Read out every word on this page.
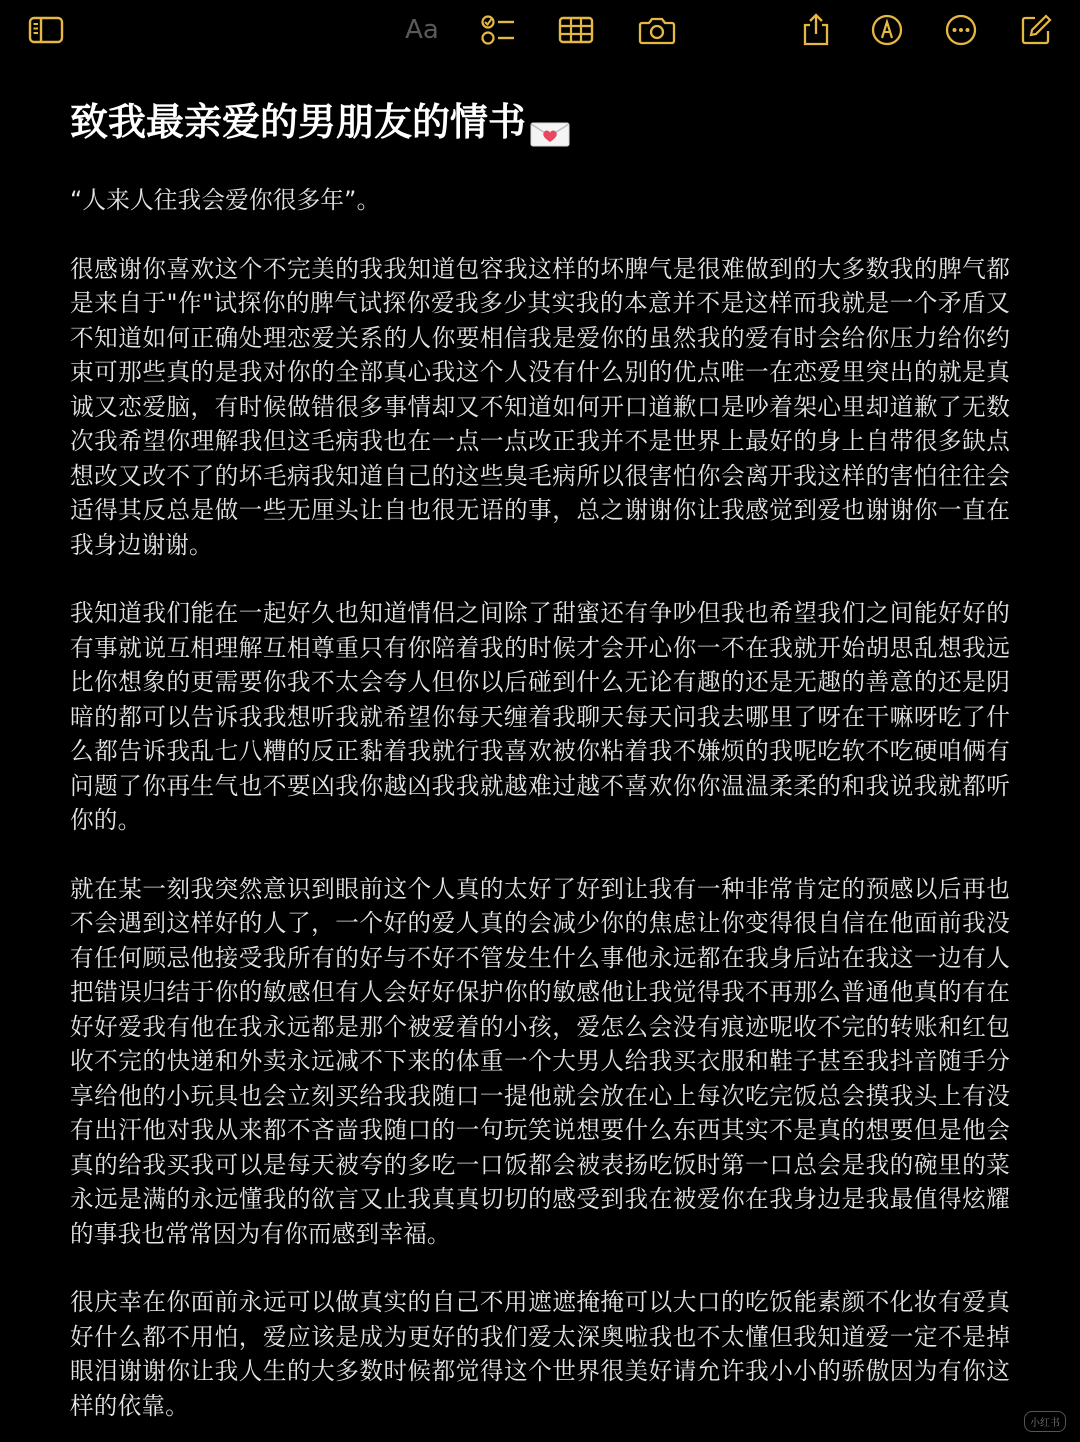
Aa
致我最亲爱的男朋友的情书

“人来人往我会爱你很多年”。

很感谢你喜欢这个不完美的我我知道包容我这样的坏脾气是很难做到的大多数我的脾气都是来自于"作"试探你的脾气试探你爱我多少其实我的本意并不是这样而我就是一个矛盾又不知道如何正确处理恋爱关系的人你要相信我是爱你的虽然我的爱有时会给你压力给你约束可那些真的是我对你的全部真心我这个人没有什么别的优点唯一在恋爱里突出的就是真诚又恋爱脑，有时候做错很多事情却又不知道如何开口道歉口是吵着架心里却道歉了无数次我希望你理解我但这毛病我也在一点一点改正我并不是世界上最好的身上自带很多缺点想改又改不了的坏毛病我知道自己的这些臭毛病所以很害怕你会离开我这样的害怕往往会适得其反总是做一些无厘头让自也很无语的事，总之谢谢你让我感觉到爱也谢谢你一直在我身边谢谢。

我知道我们能在一起好久也知道情侣之间除了甜蜜还有争吵但我也希望我们之间能好好的有事就说互相理解互相尊重只有你陪着我的时候才会开心你一不在我就开始胡思乱想我远比你想象的更需要你我不太会夸人但你以后碰到什么无论有趣的还是无趣的善意的还是阴暗的都可以告诉我我想听我就希望你每天缠着我聊天每天问我去哪里了呀在干嘛呀吃了什么都告诉我乱七八糟的反正黏着我就行我喜欢被你粘着我不嫌烦的我呢吃软不吃硬咱俩有问题了你再生气也不要凶我你越凶我我就越难过越不喜欢你你温温柔柔的和我说我就都听你的。

就在某一刻我突然意识到眼前这个人真的太好了好到让我有一种非常肯定的预感以后再也不会遇到这样好的人了，一个好的爱人真的会减少你的焦虑让你变得很自信在他面前我没有任何顾忌他接受我所有的好与不好不管发生什么事他永远都在我身后站在我这一边有人把错误归结于你的敏感但有人会好好保护你的敏感他让我觉得我不再那么普通他真的有在好好爱我有他在我永远都是那个被爱着的小孩，爱怎么会没有痕迹呢收不完的转账和红包收不完的快递和外卖永远减不下来的体重一个大男人给我买衣服和鞋子甚至我抖音随手分享给他的小玩具也会立刻买给我我随口一提他就会放在心上每次吃完饭总会摸我头上有没有出汗他对我从来都不吝啬我随口的一句玩笑说想要什么东西其实不是真的想要但是他会真的给我买我可以是每天被夸的多吃一口饭都会被表扬吃饭时第一口总会是我的碗里的菜永远是满的永远懂我的欲言又止我真真切切的感受到我在被爱你在我身边是我最值得炫耀的事我也常常因为有你而感到幸福。

很庆幸在你面前永远可以做真实的自己不用遮遮掩掩可以大口的吃饭能素颜不化妆有爱真好什么都不用怕，爱应该是成为更好的我们爱太深奥啦我也不太懂但我知道爱一定不是掉眼泪谢谢你让我人生的大多数时候都觉得这个世界很美好请允许我小小的骄傲因为有你这样的依靠。

小红书
